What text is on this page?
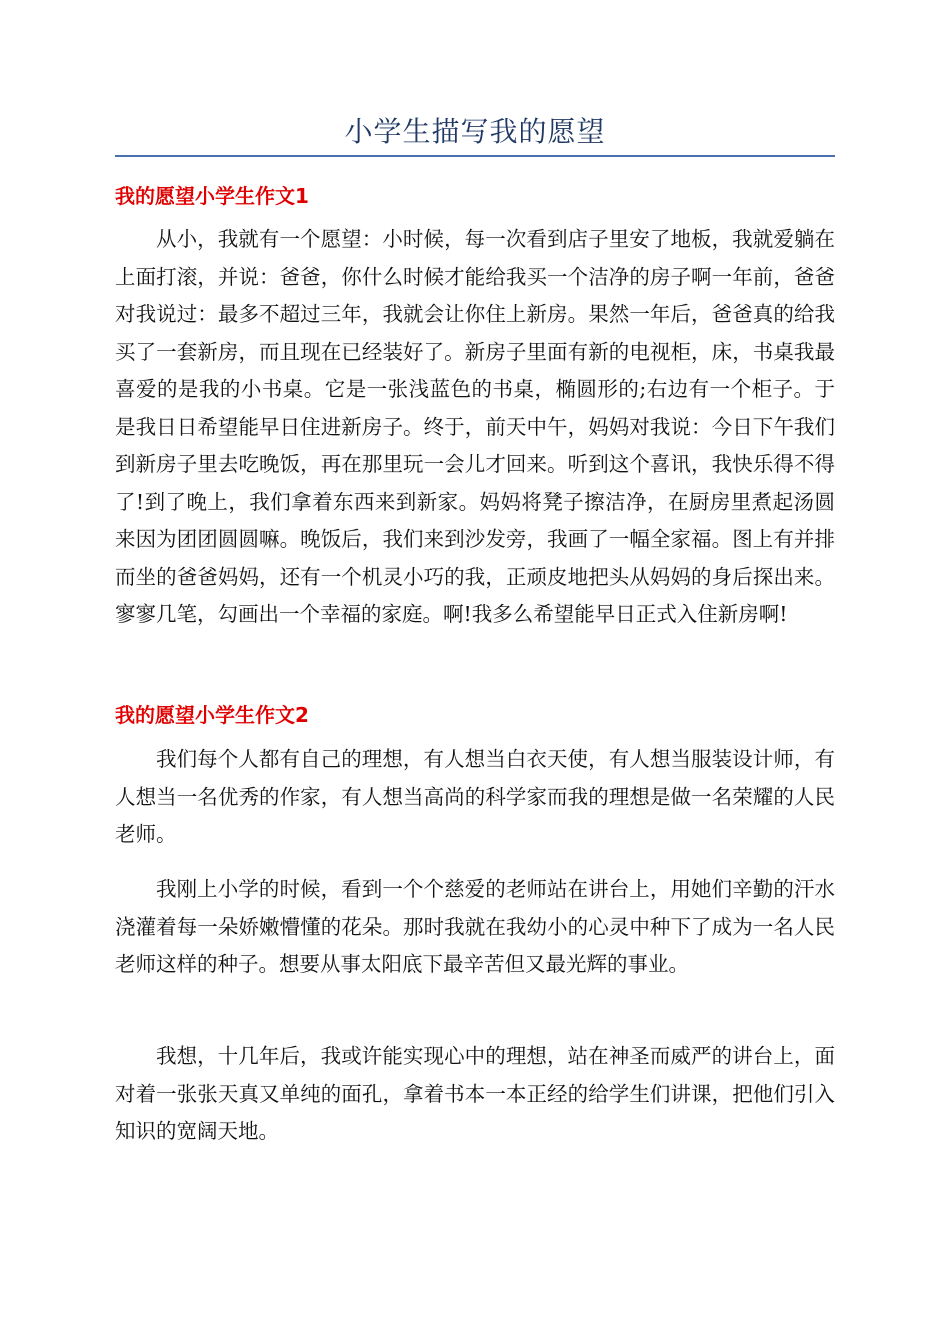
小学生描写我的愿望
我的愿望小学生作文1

从小，我就有一个愿望：小时候，每一次看到店子里安了地板，我就爱躺在上面打滚，并说：爸爸，你什么时候才能给我买一个洁净的房子啊一年前，爸爸对我说过：最多不超过三年，我就会让你住上新房。果然一年后，爸爸真的给我买了一套新房，而且现在已经装好了。新房子里面有新的电视柜，床，书桌我最喜爱的是我的小书桌。它是一张浅蓝色的书桌，椭圆形的;右边有一个柜子。于是我日日希望能早日住进新房子。终于，前天中午，妈妈对我说：今日下午我们到新房子里去吃晚饭，再在那里玩一会儿才回来。听到这个喜讯，我快乐得不得了!到了晚上，我们拿着东西来到新家。妈妈将凳子擦洁净，在厨房里煮起汤圆来因为团团圆圆嘛。晚饭后，我们来到沙发旁，我画了一幅全家福。图上有并排而坐的爸爸妈妈，还有一个机灵小巧的我，正顽皮地把头从妈妈的身后探出来。寥寥几笔，勾画出一个幸福的家庭。啊!我多么希望能早日正式入住新房啊!

我的愿望小学生作文2

我们每个人都有自己的理想，有人想当白衣天使，有人想当服装设计师，有人想当一名优秀的作家，有人想当高尚的科学家而我的理想是做一名荣耀的人民老师。

我刚上小学的时候，看到一个个慈爱的老师站在讲台上，用她们辛勤的汗水浇灌着每一朵娇嫩懵懂的花朵。那时我就在我幼小的心灵中种下了成为一名人民老师这样的种子。想要从事太阳底下最辛苦但又最光辉的事业。

我想，十几年后，我或许能实现心中的理想，站在神圣而威严的讲台上，面对着一张张天真又单纯的面孔，拿着书本一本正经的给学生们讲课，把他们引入知识的宽阔天地。
